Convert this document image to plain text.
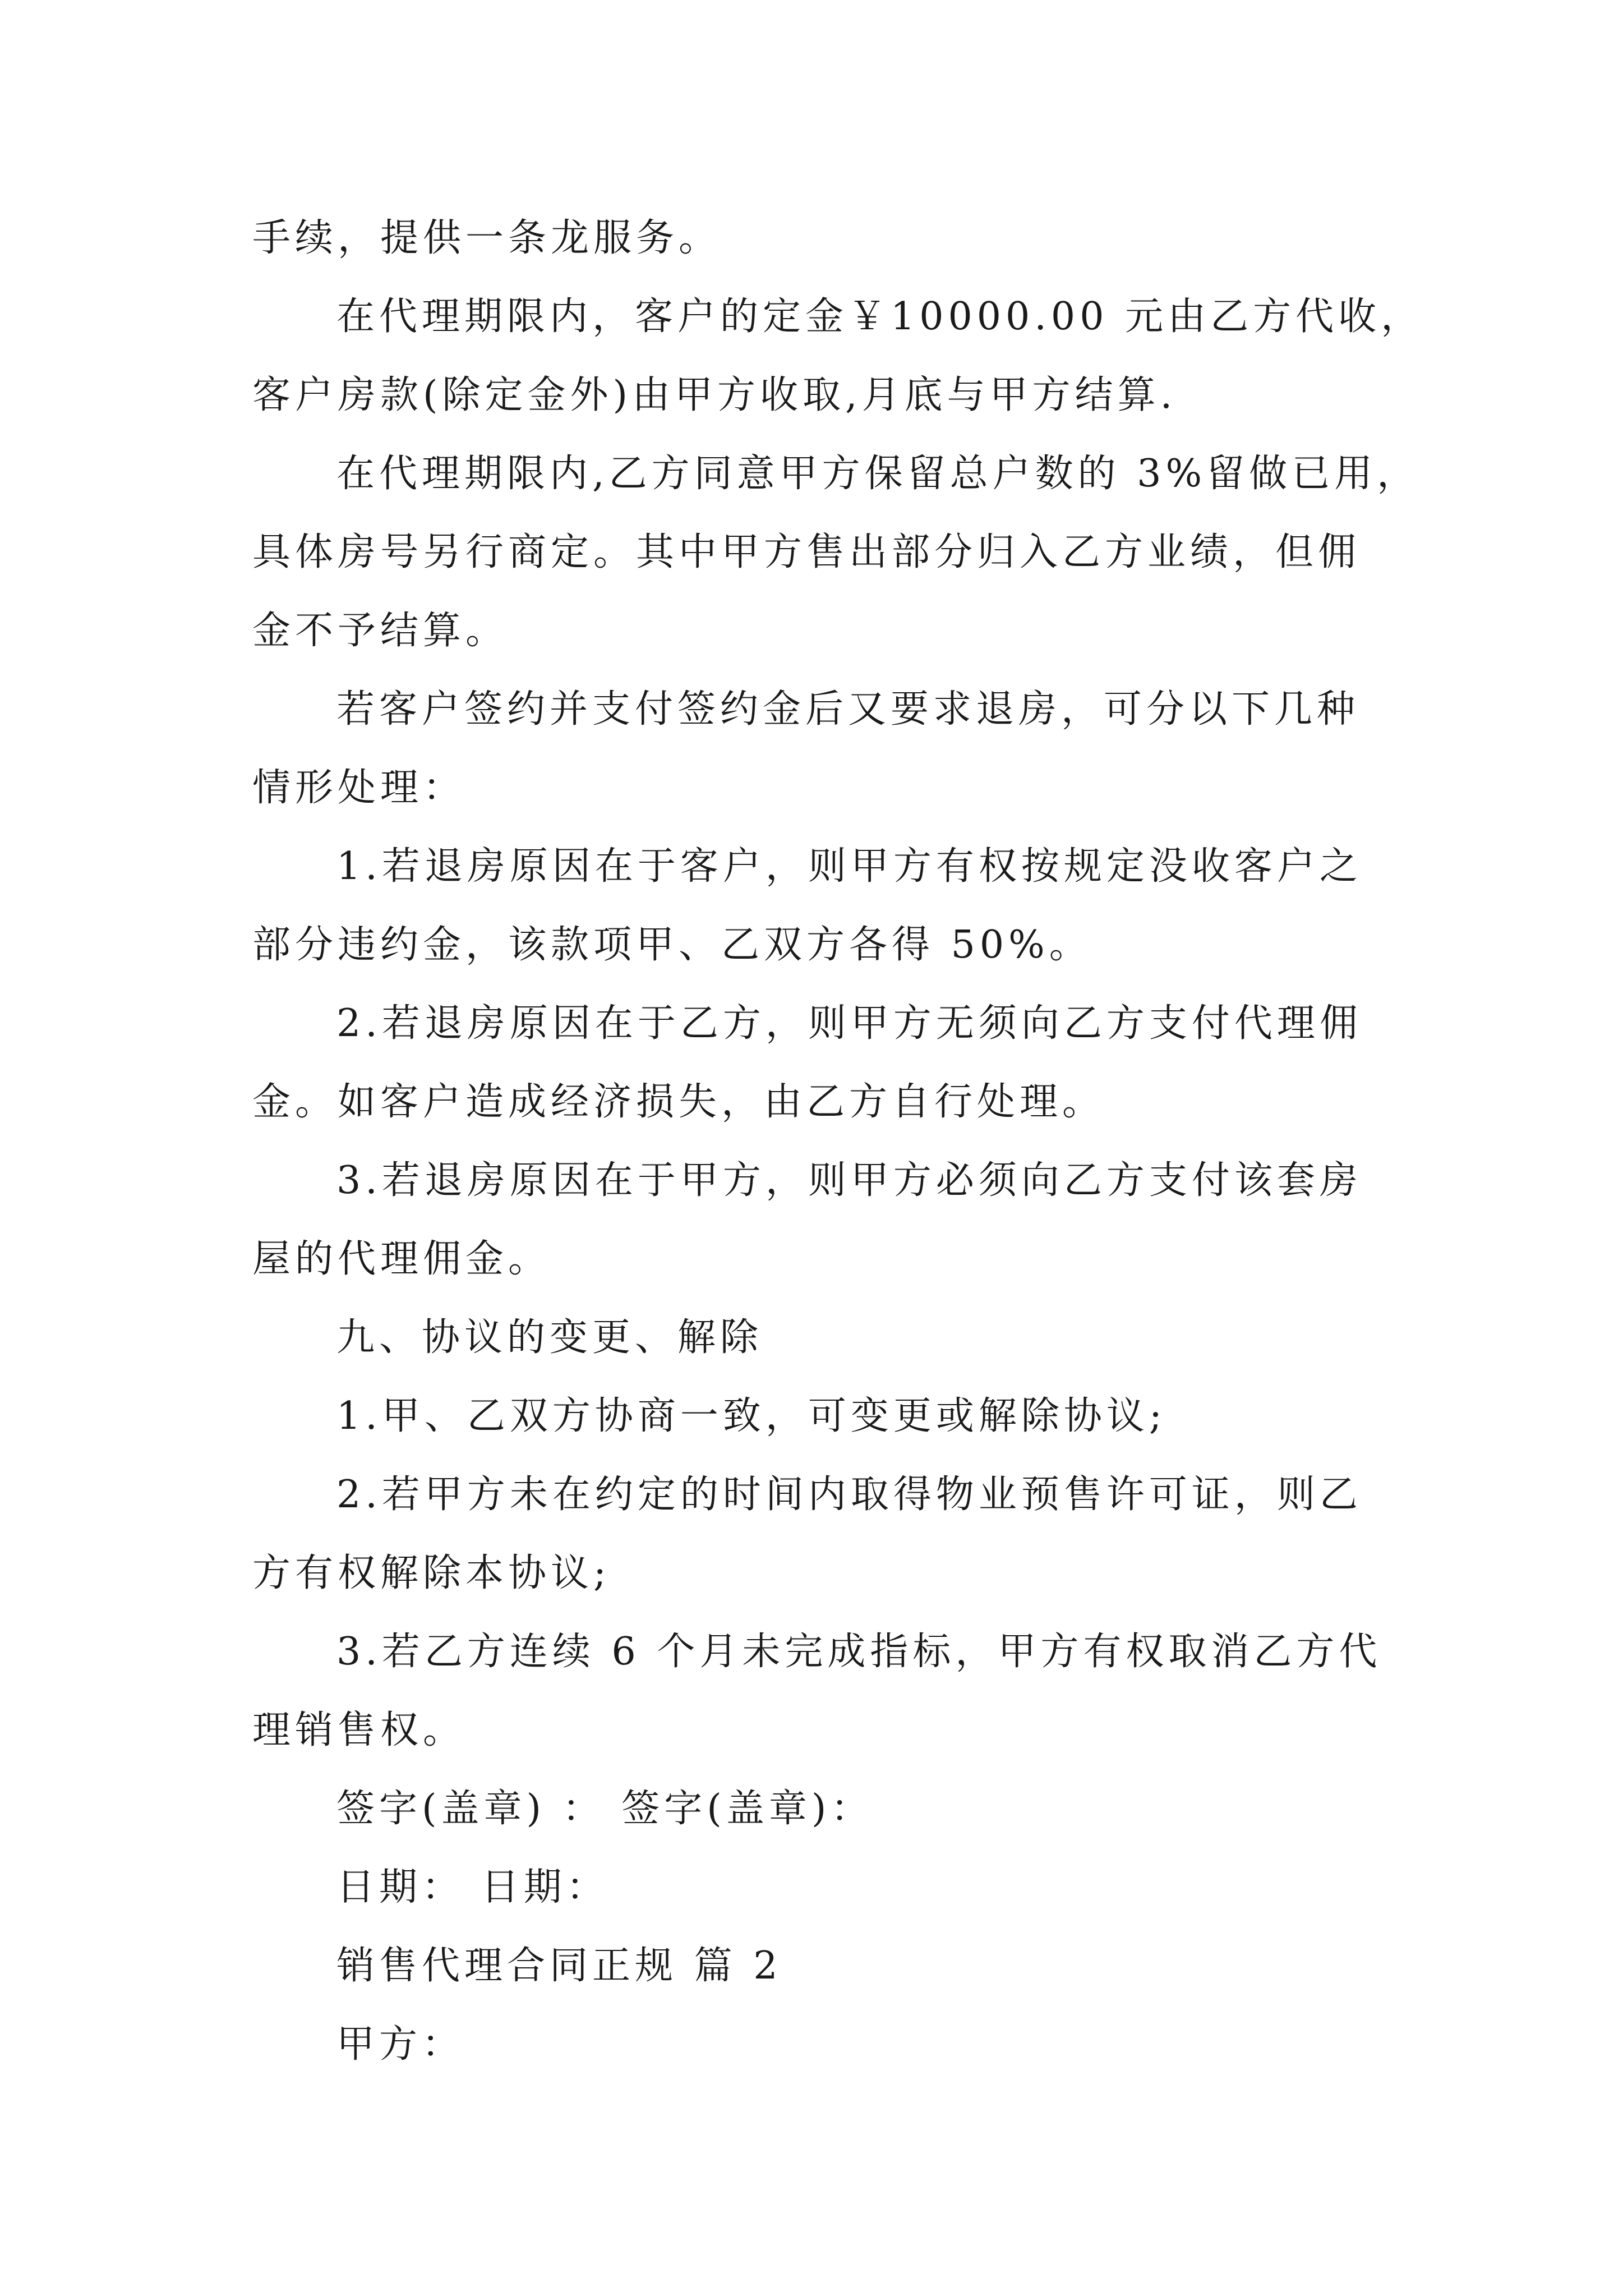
手续，提供一条龙服务。
在代理期限内，客户的定金￥10000.00 元由乙方代收，
客户房款(除定金外)由甲方收取,月底与甲方结算.
在代理期限内,乙方同意甲方保留总户数的 3%留做已用，
具体房号另行商定。其中甲方售出部分归入乙方业绩，但佣
金不予结算。
若客户签约并支付签约金后又要求退房，可分以下几种
情形处理：
1.若退房原因在于客户，则甲方有权按规定没收客户之
部分违约金，该款项甲、乙双方各得 50%。
2.若退房原因在于乙方，则甲方无须向乙方支付代理佣
金。如客户造成经济损失，由乙方自行处理。
3.若退房原因在于甲方，则甲方必须向乙方支付该套房
屋的代理佣金。
九、协议的变更、解除
1.甲、乙双方协商一致，可变更或解除协议;
2.若甲方未在约定的时间内取得物业预售许可证，则乙
方有权解除本协议;
3.若乙方连续 6 个月未完成指标，甲方有权取消乙方代
理销售权。
签字(盖章) ： 签字(盖章)：
日期： 日期：
销售代理合同正规 篇 2
甲方：
